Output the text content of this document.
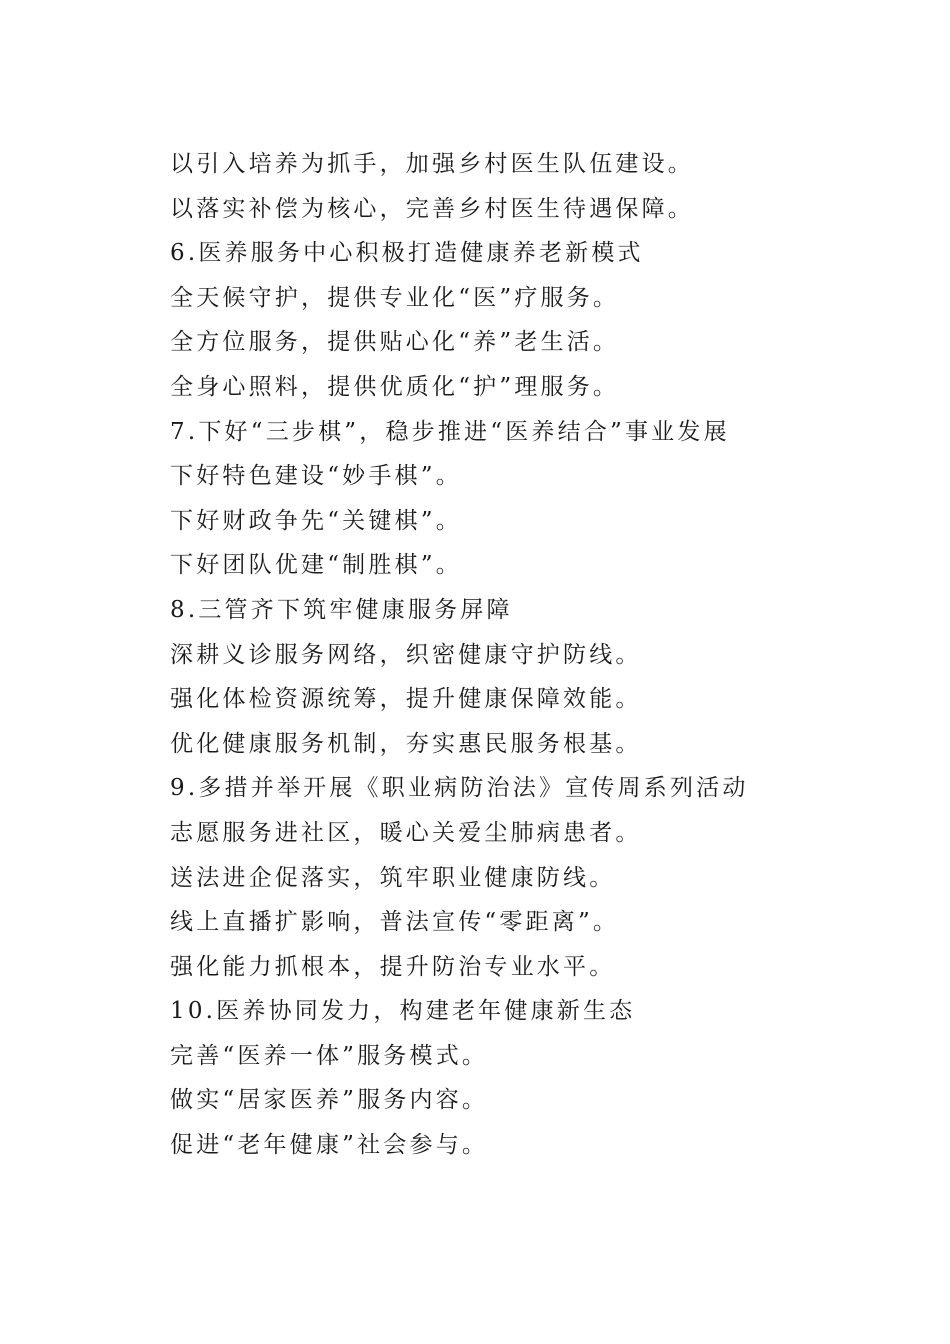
以引入培养为抓手，加强乡村医生队伍建设。
以落实补偿为核心，完善乡村医生待遇保障。
6.医养服务中心积极打造健康养老新模式
全天候守护，提供专业化“医”疗服务。
全方位服务，提供贴心化“养”老生活。
全身心照料，提供优质化“护”理服务。
7.下好“三步棋”，稳步推进“医养结合”事业发展
下好特色建设“妙手棋”。
下好财政争先“关键棋”。
下好团队优建“制胜棋”。
8.三管齐下筑牢健康服务屏障
深耕义诊服务网络，织密健康守护防线。
强化体检资源统筹，提升健康保障效能。
优化健康服务机制，夯实惠民服务根基。
9.多措并举开展《职业病防治法》宣传周系列活动
志愿服务进社区，暖心关爱尘肺病患者。
送法进企促落实，筑牢职业健康防线。
线上直播扩影响，普法宣传“零距离”。
强化能力抓根本，提升防治专业水平。
10.医养协同发力，构建老年健康新生态
完善“医养一体”服务模式。
做实“居家医养”服务内容。
促进“老年健康”社会参与。
